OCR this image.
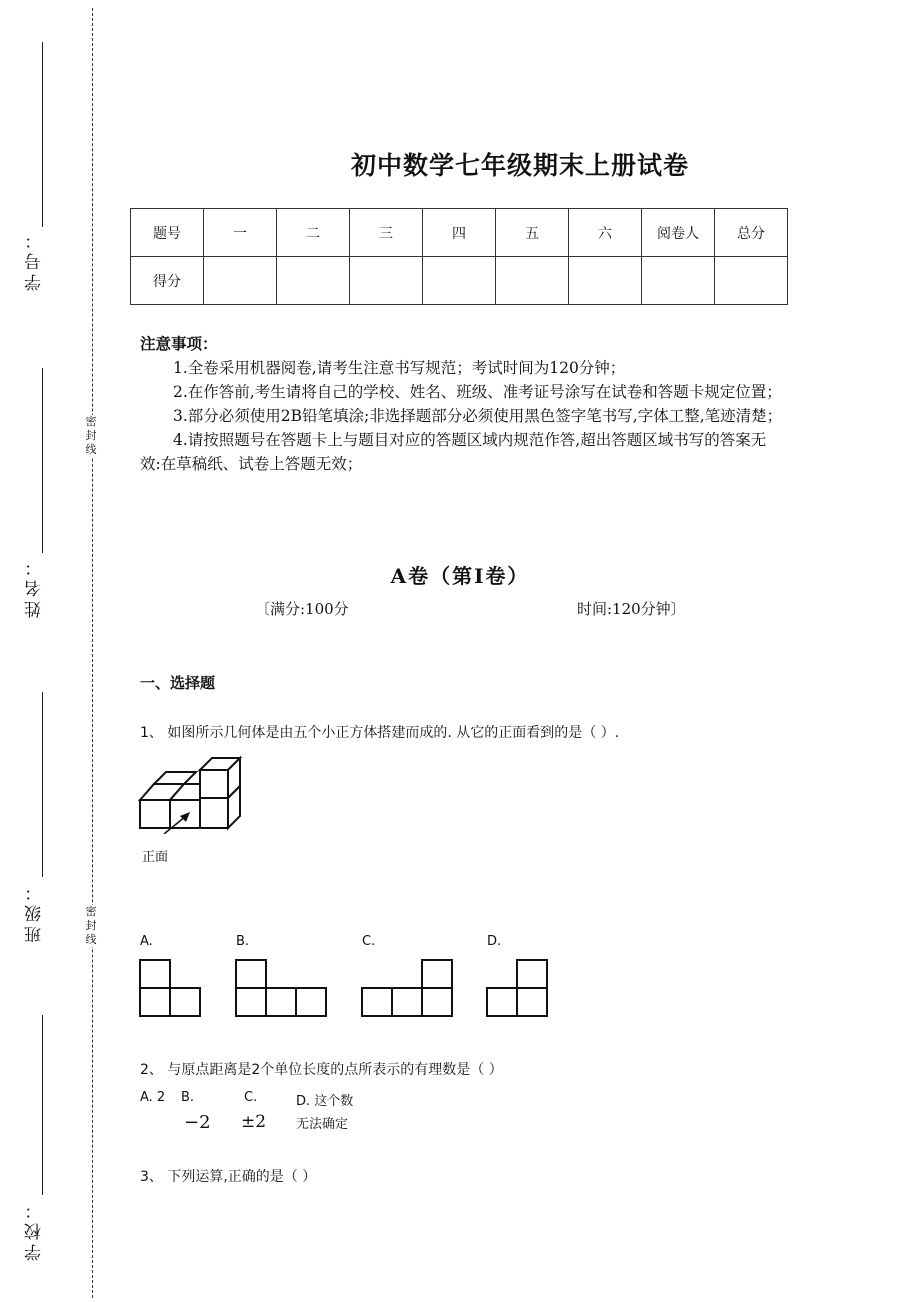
学号：
姓名：
班级：
学校：
密封线
密封线
初中数学七年级期末上册试卷
题号	一	二	三	四	五	六	阅卷人	总分
得分								
注意事项：

1.全卷采用机器阅卷,请考生注意书写规范；考试时间为120分钟；

2.在作答前,考生请将自己的学校、姓名、班级、准考证号涂写在试卷和答题卡规定位置；

3.部分必须使用2B铅笔填涂;非选择题部分必须使用黑色签字笔书写,字体工整,笔迹清楚；

4.请按照题号在答题卡上与题目对应的答题区域内规范作答,超出答题区域书写的答案无效:在草稿纸、试卷上答题无效；

A卷（第I卷）
〔满分:100分	时间:120分钟〕
一、选择题
1、 如图所示几何体是由五个小正方体搭建而成的. 从它的正面看到的是（ ）.
正面
A.	B.	C.	D.
2、 与原点距离是2个单位长度的点所表示的有理数是（ ）
A. 2 B.	C.	D. 这个数
−2 ±2 无法确定
3、 下列运算,正确的是（ ）
